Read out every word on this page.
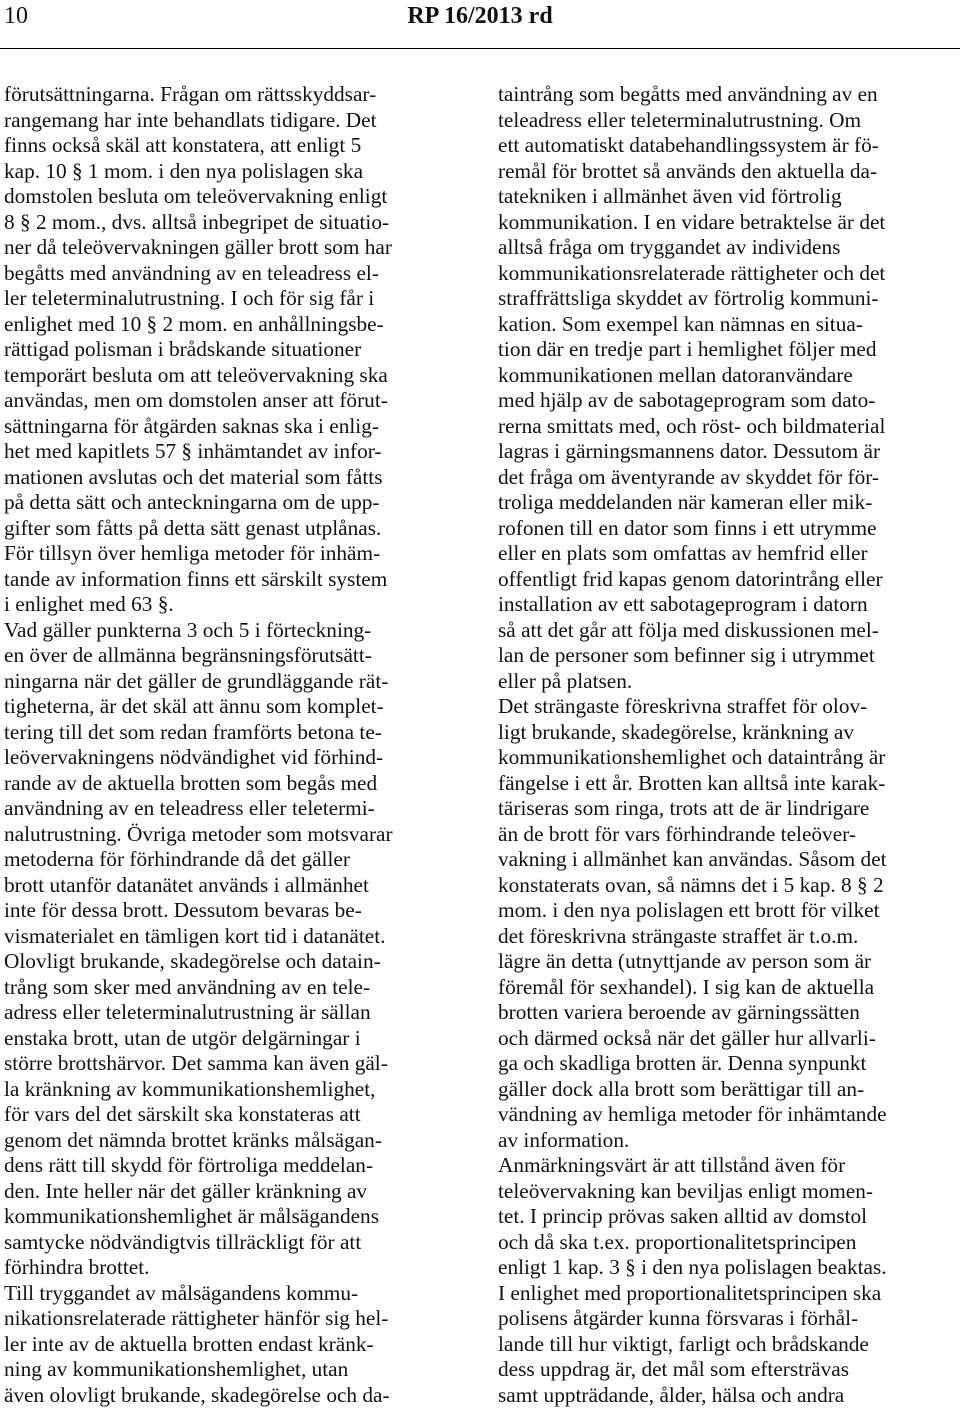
10	RP 16/2013 rd
förutsättningarna. Frågan om rättsskyddsar-
rangemang har inte behandlats tidigare. Det
finns också skäl att konstatera, att enligt 5
kap. 10 § 1 mom. i den nya polislagen ska
domstolen besluta om teleövervakning enligt
8 § 2 mom., dvs. alltså inbegripet de situatio-
ner då teleövervakningen gäller brott som har
begåtts med användning av en teleadress el-
ler teleterminalutrustning. I och för sig får i
enlighet med 10 § 2 mom. en anhållningsbe-
rättigad polisman i brådskande situationer
temporärt besluta om att teleövervakning ska
användas, men om domstolen anser att förut-
sättningarna för åtgärden saknas ska i enlig-
het med kapitlets 57 § inhämtandet av infor-
mationen avslutas och det material som fåtts
på detta sätt och anteckningarna om de upp-
gifter som fåtts på detta sätt genast utplånas.
För tillsyn över hemliga metoder för inhäm-
tande av information finns ett särskilt system
i enlighet med 63 §.
Vad gäller punkterna 3 och 5 i förteckning-
en över de allmänna begränsningsförutsätt-
ningarna när det gäller de grundläggande rät-
tigheterna, är det skäl att ännu som komplet-
tering till det som redan framförts betona te-
leövervakningens nödvändighet vid förhind-
rande av de aktuella brotten som begås med
användning av en teleadress eller teletermi-
nalutrustning. Övriga metoder som motsvarar
metoderna för förhindrande då det gäller
brott utanför datanätet används i allmänhet
inte för dessa brott. Dessutom bevaras be-
vismaterialet en tämligen kort tid i datanätet.
Olovligt brukande, skadegörelse och datain-
trång som sker med användning av en tele-
adress eller teleterminalutrustning är sällan
enstaka brott, utan de utgör delgärningar i
större brottshärvor. Det samma kan även gäl-
la kränkning av kommunikationshemlighet,
för vars del det särskilt ska konstateras att
genom det nämnda brottet kränks målsägan-
dens rätt till skydd för förtroliga meddelan-
den. Inte heller när det gäller kränkning av
kommunikationshemlighet är målsägandens
samtycke nödvändigtvis tillräckligt för att
förhindra brottet.
Till tryggandet av målsägandens kommu-
nikationsrelaterade rättigheter hänför sig hel-
ler inte av de aktuella brotten endast kränk-
ning av kommunikationshemlighet, utan
även olovligt brukande, skadegörelse och da-
taintrång som begåtts med användning av en
teleadress eller teleterminalutrustning. Om
ett automatiskt databehandlingssystem är fö-
remål för brottet så används den aktuella da-
tatekniken i allmänhet även vid förtrolig
kommunikation. I en vidare betraktelse är det
alltså fråga om tryggandet av individens
kommunikationsrelaterade rättigheter och det
straffrättsliga skyddet av förtrolig kommuni-
kation. Som exempel kan nämnas en situa-
tion där en tredje part i hemlighet följer med
kommunikationen mellan datoranvändare
med hjälp av de sabotageprogram som dato-
rerna smittats med, och röst- och bildmaterial
lagras i gärningsmannens dator. Dessutom är
det fråga om äventyrande av skyddet för för-
troliga meddelanden när kameran eller mik-
rofonen till en dator som finns i ett utrymme
eller en plats som omfattas av hemfrid eller
offentligt frid kapas genom datorintrång eller
installation av ett sabotageprogram i datorn
så att det går att följa med diskussionen mel-
lan de personer som befinner sig i utrymmet
eller på platsen.
Det strängaste föreskrivna straffet för olov-
ligt brukande, skadegörelse, kränkning av
kommunikationshemlighet och dataintrång är
fängelse i ett år. Brotten kan alltså inte karak-
täriseras som ringa, trots att de är lindrigare
än de brott för vars förhindrande teleöver-
vakning i allmänhet kan användas. Såsom det
konstaterats ovan, så nämns det i 5 kap. 8 § 2
mom. i den nya polislagen ett brott för vilket
det föreskrivna strängaste straffet är t.o.m.
lägre än detta (utnyttjande av person som är
föremål för sexhandel). I sig kan de aktuella
brotten variera beroende av gärningssätten
och därmed också när det gäller hur allvarli-
ga och skadliga brotten är. Denna synpunkt
gäller dock alla brott som berättigar till an-
vändning av hemliga metoder för inhämtande
av information.
Anmärkningsvärt är att tillstånd även för
teleövervakning kan beviljas enligt momen-
tet. I princip prövas saken alltid av domstol
och då ska t.ex. proportionalitetsprincipen
enligt 1 kap. 3 § i den nya polislagen beaktas.
I enlighet med proportionalitetsprincipen ska
polisens åtgärder kunna försvaras i förhål-
lande till hur viktigt, farligt och brådskande
dess uppdrag är, det mål som eftersträvas
samt uppträdande, ålder, hälsa och andra
